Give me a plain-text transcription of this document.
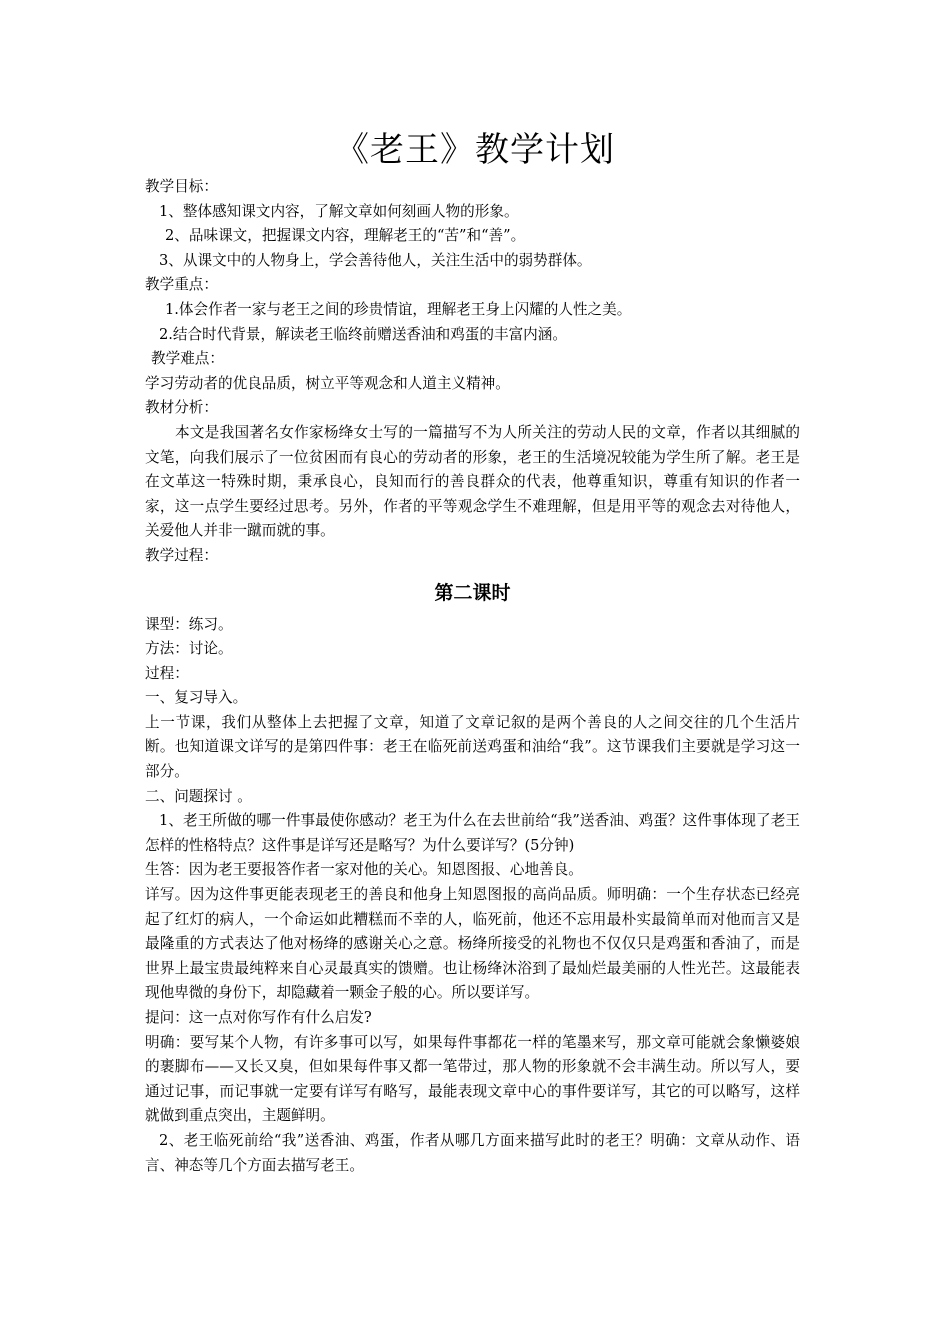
《老王》教学计划

教学目标：

1、整体感知课文内容，了解文章如何刻画人物的形象。

2、品味课文，把握课文内容，理解老王的“苦”和“善”。

3、从课文中的人物身上，学会善待他人，关注生活中的弱势群体。

教学重点：

1.体会作者一家与老王之间的珍贵情谊，理解老王身上闪耀的人性之美。

2.结合时代背景，解读老王临终前赠送香油和鸡蛋的丰富内涵。

教学难点：

学习劳动者的优良品质，树立平等观念和人道主义精神。

教材分析：

本文是我国著名女作家杨绛女士写的一篇描写不为人所关注的劳动人民的文章，作者以其细腻的文笔，向我们展示了一位贫困而有良心的劳动者的形象，老王的生活境况较能为学生所了解。老王是在文革这一特殊时期，秉承良心，良知而行的善良群众的代表，他尊重知识，尊重有知识的作者一家，这一点学生要经过思考。另外，作者的平等观念学生不难理解，但是用平等的观念去对待他人，关爱他人并非一蹴而就的事。

教学过程：

第二课时

课型：练习。

方法：讨论。

过程：

一、复习导入。

上一节课，我们从整体上去把握了文章，知道了文章记叙的是两个善良的人之间交往的几个生活片断。也知道课文详写的是第四件事：老王在临死前送鸡蛋和油给“我”。这节课我们主要就是学习这一部分。

二、问题探讨 。

1、老王所做的哪一件事最使你感动？老王为什么在去世前给“我”送香油、鸡蛋？这件事体现了老王怎样的性格特点？这件事是详写还是略写？为什么要详写？(5分钟)

生答：因为老王要报答作者一家对他的关心。知恩图报、心地善良。

详写。因为这件事更能表现老王的善良和他身上知恩图报的高尚品质。师明确：一个生存状态已经亮起了红灯的病人，一个命运如此糟糕而不幸的人，临死前，他还不忘用最朴实最简单而对他而言又是最隆重的方式表达了他对杨绛的感谢关心之意。杨绛所接受的礼物也不仅仅只是鸡蛋和香油了，而是世界上最宝贵最纯粹来自心灵最真实的馈赠。也让杨绛沐浴到了最灿烂最美丽的人性光芒。这最能表现他卑微的身份下，却隐藏着一颗金子般的心。所以要详写。

提问：这一点对你写作有什么启发?

明确：要写某个人物，有许多事可以写，如果每件事都花一样的笔墨来写，那文章可能就会象懒婆娘的裹脚布——又长又臭，但如果每件事又都一笔带过，那人物的形象就不会丰满生动。所以写人，要通过记事，而记事就一定要有详写有略写，最能表现文章中心的事件要详写，其它的可以略写，这样就做到重点突出，主题鲜明。

2、老王临死前给“我”送香油、鸡蛋，作者从哪几方面来描写此时的老王？明确：文章从动作、语言、神态等几个方面去描写老王。
